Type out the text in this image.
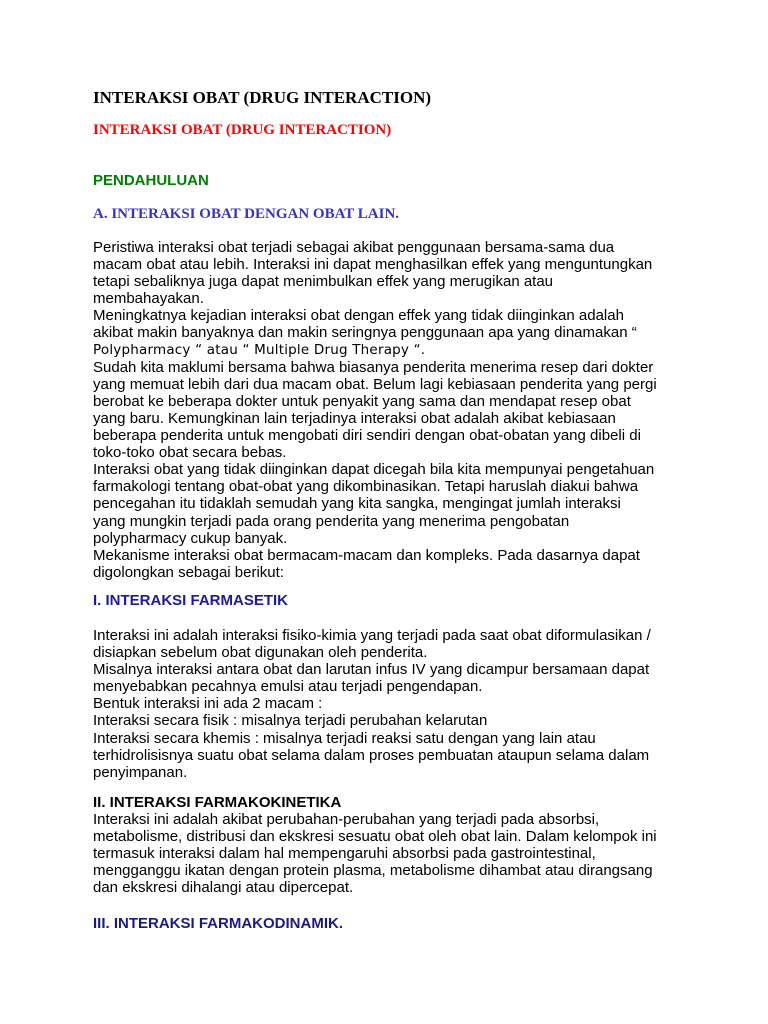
INTERAKSI OBAT (DRUG INTERACTION)
INTERAKSI OBAT (DRUG INTERACTION)
PENDAHULUAN
A. INTERAKSI OBAT DENGAN OBAT LAIN.
Peristiwa interaksi obat terjadi sebagai akibat penggunaan bersama-sama dua
macam obat atau lebih. Interaksi ini dapat menghasilkan effek yang menguntungkan
tetapi sebaliknya juga dapat menimbulkan effek yang merugikan atau
membahayakan.
Meningkatnya kejadian interaksi obat dengan effek yang tidak diinginkan adalah
akibat makin banyaknya dan makin seringnya penggunaan apa yang dinamakan “
Polypharmacy “ atau “ Multiple Drug Therapy “.
Sudah kita maklumi bersama bahwa biasanya penderita menerima resep dari dokter
yang memuat lebih dari dua macam obat. Belum lagi kebiasaan penderita yang pergi
berobat ke beberapa dokter untuk penyakit yang sama dan mendapat resep obat
yang baru. Kemungkinan lain terjadinya interaksi obat adalah akibat kebiasaan
beberapa penderita untuk mengobati diri sendiri dengan obat-obatan yang dibeli di
toko-toko obat secara bebas.
Interaksi obat yang tidak diinginkan dapat dicegah bila kita mempunyai pengetahuan
farmakologi tentang obat-obat yang dikombinasikan. Tetapi haruslah diakui bahwa
pencegahan itu tidaklah semudah yang kita sangka, mengingat jumlah interaksi
yang mungkin terjadi pada orang penderita yang menerima pengobatan
polypharmacy cukup banyak.
Mekanisme interaksi obat bermacam-macam dan kompleks. Pada dasarnya dapat
digolongkan sebagai berikut:
I. INTERAKSI FARMASETIK
Interaksi ini adalah interaksi fisiko-kimia yang terjadi pada saat obat diformulasikan /
disiapkan sebelum obat digunakan oleh penderita.
Misalnya interaksi antara obat dan larutan infus IV yang dicampur bersamaan dapat
menyebabkan pecahnya emulsi atau terjadi pengendapan.
Bentuk interaksi ini ada 2 macam :
Interaksi secara fisik : misalnya terjadi perubahan kelarutan
Interaksi secara khemis : misalnya terjadi reaksi satu dengan yang lain atau
terhidrolisisnya suatu obat selama dalam proses pembuatan ataupun selama dalam
penyimpanan.
II. INTERAKSI FARMAKOKINETIKA
Interaksi ini adalah akibat perubahan-perubahan yang terjadi pada absorbsi,
metabolisme, distribusi dan ekskresi sesuatu obat oleh obat lain. Dalam kelompok ini
termasuk interaksi dalam hal mempengaruhi absorbsi pada gastrointestinal,
mengganggu ikatan dengan protein plasma, metabolisme dihambat atau dirangsang
dan ekskresi dihalangi atau dipercepat.
III. INTERAKSI FARMAKODINAMIK.
